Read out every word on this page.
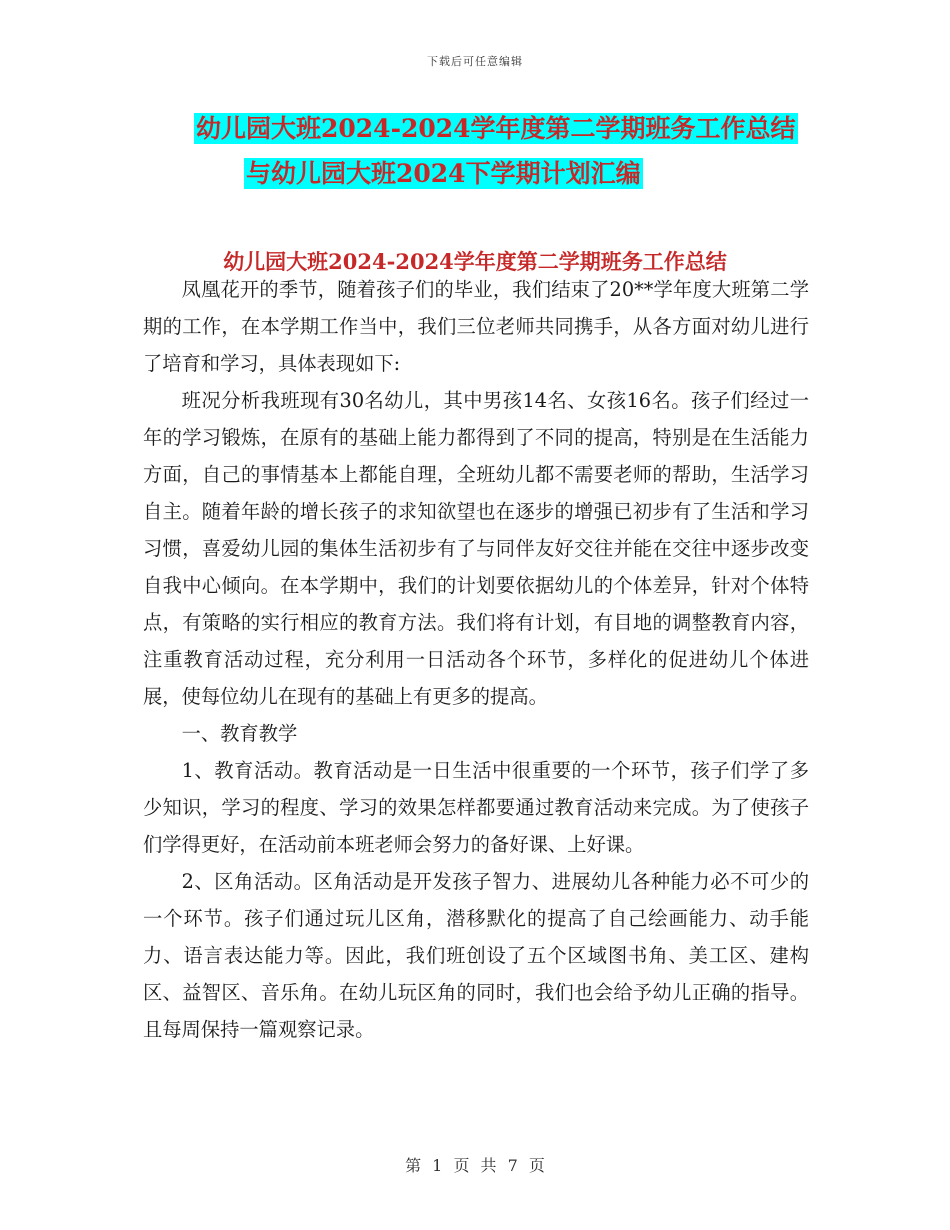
下载后可任意编辑
幼儿园大班2024-2024学年度第二学期班务工作总结
与幼儿园大班2024下学期计划汇编
幼儿园大班2024-2024学年度第二学期班务工作总结

凤凰花开的季节，随着孩子们的毕业，我们结束了20**学年度大班第二学期的工作，在本学期工作当中，我们三位老师共同携手，从各方面对幼儿进行了培育和学习，具体表现如下:

班况分析我班现有30名幼儿，其中男孩14名、女孩16名。孩子们经过一年的学习锻炼，在原有的基础上能力都得到了不同的提高，特别是在生活能力方面，自己的事情基本上都能自理，全班幼儿都不需要老师的帮助，生活学习自主。随着年龄的增长孩子的求知欲望也在逐步的增强已初步有了生活和学习习惯，喜爱幼儿园的集体生活初步有了与同伴友好交往并能在交往中逐步改变自我中心倾向。在本学期中，我们的计划要依据幼儿的个体差异，针对个体特点，有策略的实行相应的教育方法。我们将有计划，有目地的调整教育内容，注重教育活动过程，充分利用一日活动各个环节，多样化的促进幼儿个体进展，使每位幼儿在现有的基础上有更多的提高。

一、教育教学

1、教育活动。教育活动是一日生活中很重要的一个环节，孩子们学了多少知识，学习的程度、学习的效果怎样都要通过教育活动来完成。为了使孩子们学得更好，在活动前本班老师会努力的备好课、上好课。

2、区角活动。区角活动是开发孩子智力、进展幼儿各种能力必不可少的一个环节。孩子们通过玩儿区角，潜移默化的提高了自己绘画能力、动手能力、语言表达能力等。因此，我们班创设了五个区域图书角、美工区、建构区、益智区、音乐角。在幼儿玩区角的同时，我们也会给予幼儿正确的指导。且每周保持一篇观察记录。

第 1 页 共 7 页
